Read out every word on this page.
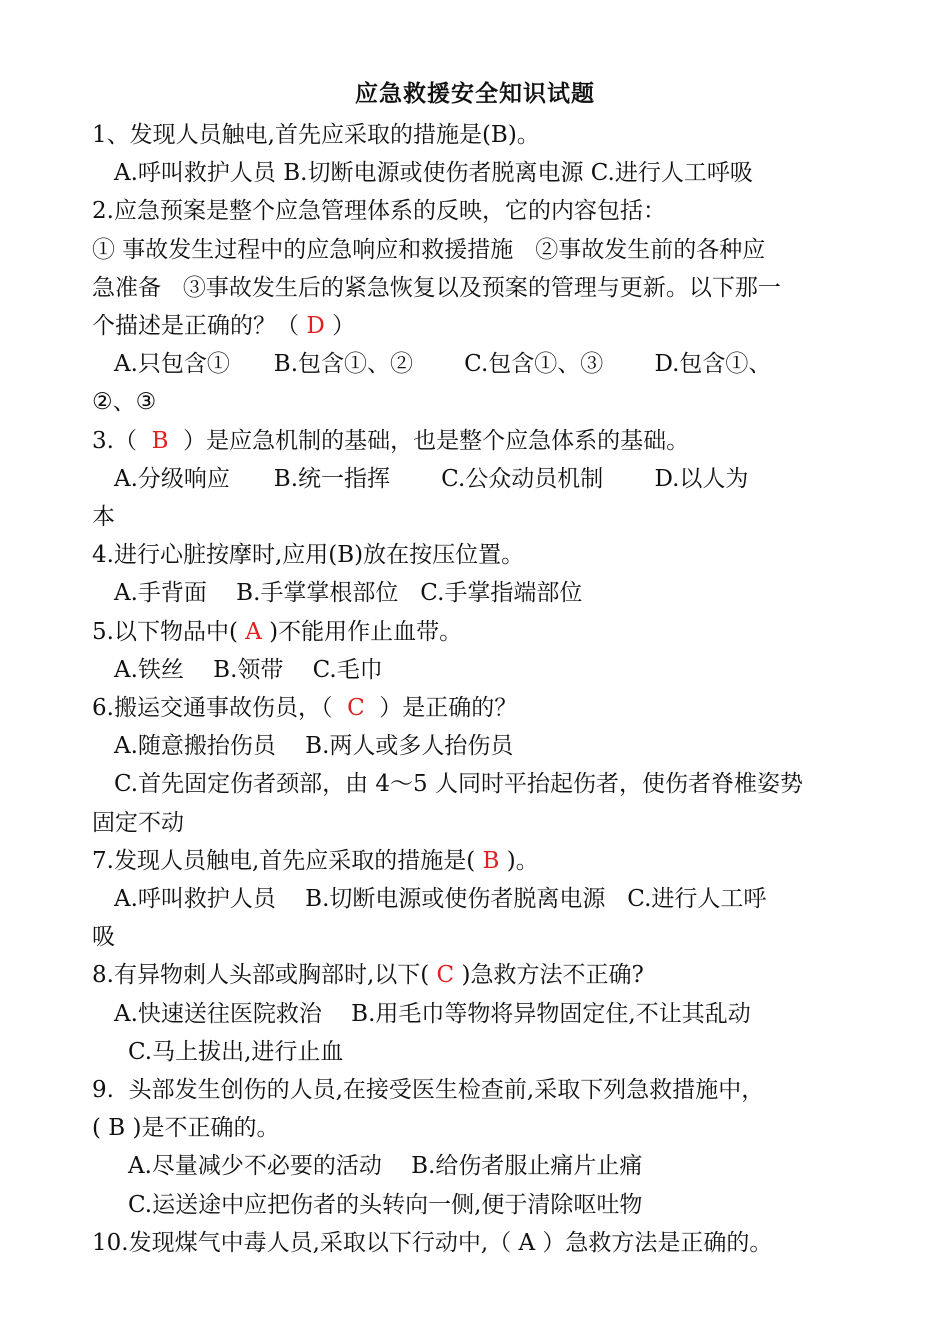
应急救援安全知识试题
1、发现人员触电,首先应采取的措施是(B)。
A.呼叫救护人员 B.切断电源或使伤者脱离电源 C.进行人工呼吸
2.应急预案是整个应急管理体系的反映，它的内容包括：
① 事故发生过程中的应急响应和救援措施   ②事故发生前的各种应
急准备   ③事故发生后的紧急恢复以及预案的管理与更新。以下那一
个描述是正确的？（ D ）
A.只包含①      B.包含①、②       C.包含①、③       D.包含①、
②、③
3.（  B  ）是应急机制的基础，也是整个应急体系的基础。
A.分级响应      B.统一指挥       C.公众动员机制       D.以人为
本
4.进行心脏按摩时,应用(B)放在按压位置。
A.手背面    B.手掌掌根部位   C.手掌指端部位
5.以下物品中( A )不能用作止血带。
A.铁丝    B.领带    C.毛巾
6.搬运交通事故伤员，（  C  ）是正确的？
A.随意搬抬伤员    B.两人或多人抬伤员
C.首先固定伤者颈部，由 4～5 人同时平抬起伤者，使伤者脊椎姿势
固定不动
7.发现人员触电,首先应采取的措施是( B )。
A.呼叫救护人员    B.切断电源或使伤者脱离电源   C.进行人工呼
吸
8.有异物刺人头部或胸部时,以下( C )急救方法不正确?
A.快速送往医院救治    B.用毛巾等物将异物固定住,不让其乱动
C.马上拔出,进行止血
9.  头部发生创伤的人员,在接受医生检查前,采取下列急救措施中，
( B )是不正确的。
A.尽量减少不必要的活动    B.给伤者服止痛片止痛
C.运送途中应把伤者的头转向一侧,便于清除呕吐物
10.发现煤气中毒人员,采取以下行动中,（ A ）急救方法是正确的。
